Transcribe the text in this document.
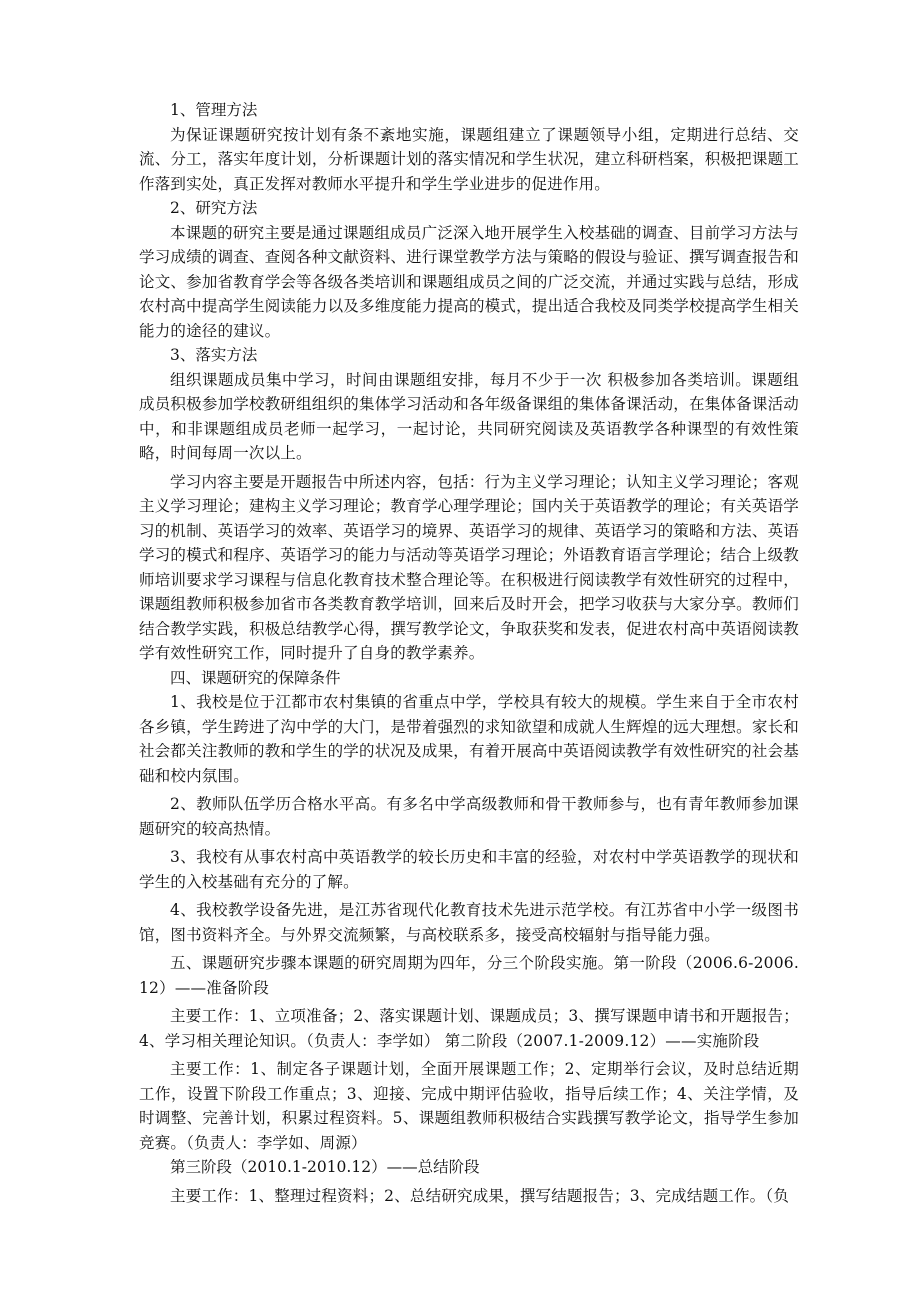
1、管理方法

为保证课题研究按计划有条不紊地实施，课题组建立了课题领导小组，定期进行总结、交流、分工，落实年度计划，分析课题计划的落实情况和学生状况，建立科研档案，积极把课题工作落到实处，真正发挥对教师水平提升和学生学业进步的促进作用。

2、研究方法

本课题的研究主要是通过课题组成员广泛深入地开展学生入校基础的调查、目前学习方法与学习成绩的调查、查阅各种文献资料、进行课堂教学方法与策略的假设与验证、撰写调查报告和论文、参加省教育学会等各级各类培训和课题组成员之间的广泛交流，并通过实践与总结，形成农村高中提高学生阅读能力以及多维度能力提高的模式，提出适合我校及同类学校提高学生相关能力的途径的建议。

3、落实方法

组织课题成员集中学习，时间由课题组安排，每月不少于一次 积极参加各类培训。课题组成员积极参加学校教研组组织的集体学习活动和各年级备课组的集体备课活动，在集体备课活动中，和非课题组成员老师一起学习，一起讨论，共同研究阅读及英语教学各种课型的有效性策略，时间每周一次以上。

学习内容主要是开题报告中所述内容，包括：行为主义学习理论；认知主义学习理论；客观主义学习理论；建构主义学习理论；教育学心理学理论；国内关于英语教学的理论；有关英语学习的机制、英语学习的效率、英语学习的境界、英语学习的规律、英语学习的策略和方法、英语学习的模式和程序、英语学习的能力与活动等英语学习理论；外语教育语言学理论；结合上级教师培训要求学习课程与信息化教育技术整合理论等。在积极进行阅读教学有效性研究的过程中，课题组教师积极参加省市各类教育教学培训，回来后及时开会，把学习收获与大家分享。教师们结合教学实践，积极总结教学心得，撰写教学论文，争取获奖和发表，促进农村高中英语阅读教学有效性研究工作，同时提升了自身的教学素养。

四、课题研究的保障条件

1、我校是位于江都市农村集镇的省重点中学，学校具有较大的规模。学生来自于全市农村各乡镇，学生跨进了沟中学的大门，是带着强烈的求知欲望和成就人生辉煌的远大理想。家长和社会都关注教师的教和学生的学的状况及成果，有着开展高中英语阅读教学有效性研究的社会基础和校内氛围。

2、教师队伍学历合格水平高。有多名中学高级教师和骨干教师参与，也有青年教师参加课题研究的较高热情。

3、我校有从事农村高中英语教学的较长历史和丰富的经验，对农村中学英语教学的现状和学生的入校基础有充分的了解。

4、我校教学设备先进，是江苏省现代化教育技术先进示范学校。有江苏省中小学一级图书馆，图书资料齐全。与外界交流频繁，与高校联系多，接受高校辐射与指导能力强。

五、课题研究步骤本课题的研究周期为四年，分三个阶段实施。第一阶段（2006.6-2006.12）——准备阶段

主要工作：1、立项准备；2、落实课题计划、课题成员；3、撰写课题申请书和开题报告；4、学习相关理论知识。（负责人：李学如） 第二阶段（2007.1-2009.12）——实施阶段

主要工作：1、制定各子课题计划，全面开展课题工作；2、定期举行会议，及时总结近期工作，设置下阶段工作重点；3、迎接、完成中期评估验收，指导后续工作；4、关注学情，及时调整、完善计划，积累过程资料。5、课题组教师积极结合实践撰写教学论文，指导学生参加竞赛。（负责人：李学如、周源）

第三阶段（2010.1-2010.12）——总结阶段

主要工作：1、整理过程资料；2、总结研究成果，撰写结题报告；3、完成结题工作。（负
